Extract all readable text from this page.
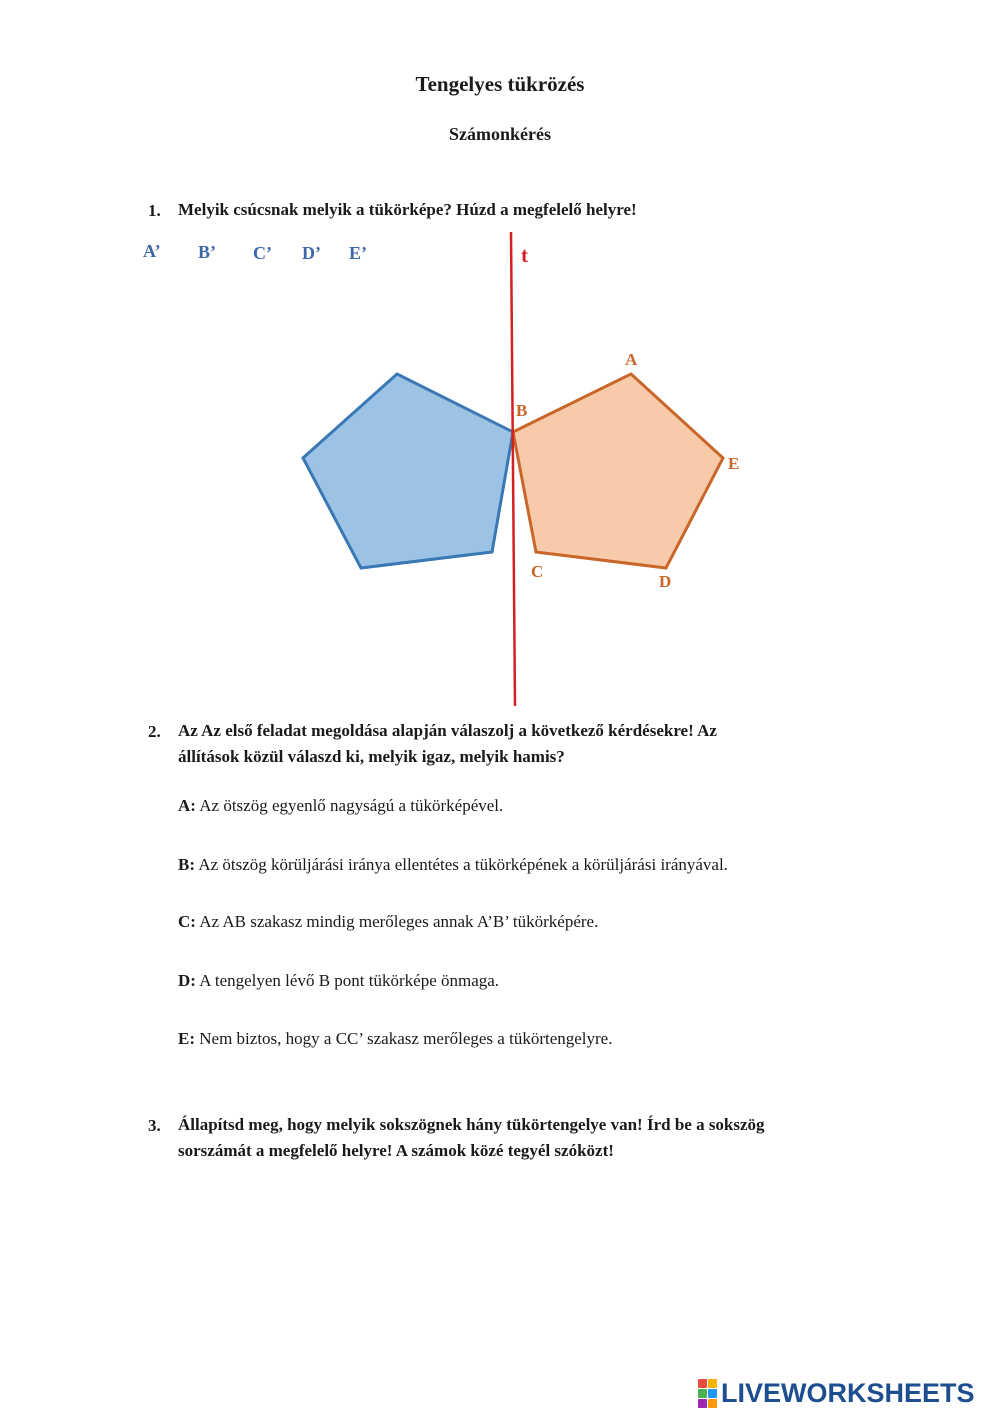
Tengelyes tükrözés
Számonkérés
1. Melyik csúcsnak melyik a tükörképe? Húzd a megfelelő helyre!
A’ B’ C’ D’ E’	t
A
B
C
D
E
2. Az Az első feladat megoldása alapján válaszolj a következő kérdésekre! Az
állítások közül válaszd ki, melyik igaz, melyik hamis?
A: Az ötszög egyenlő nagyságú a tükörképével.
B: Az ötszög körüljárási iránya ellentétes a tükörképének a körüljárási irányával.
C: Az AB szakasz mindig merőleges annak A’B’ tükörképére.
D: A tengelyen lévő B pont tükörképe önmaga.
E: Nem biztos, hogy a CC’ szakasz merőleges a tükörtengelyre.
3. Állapítsd meg, hogy melyik sokszögnek hány tükörtengelye van! Írd be a sokszög
sorszámát a megfelelő helyre! A számok közé tegyél szóközt!
LIVEWORKSHEETS
